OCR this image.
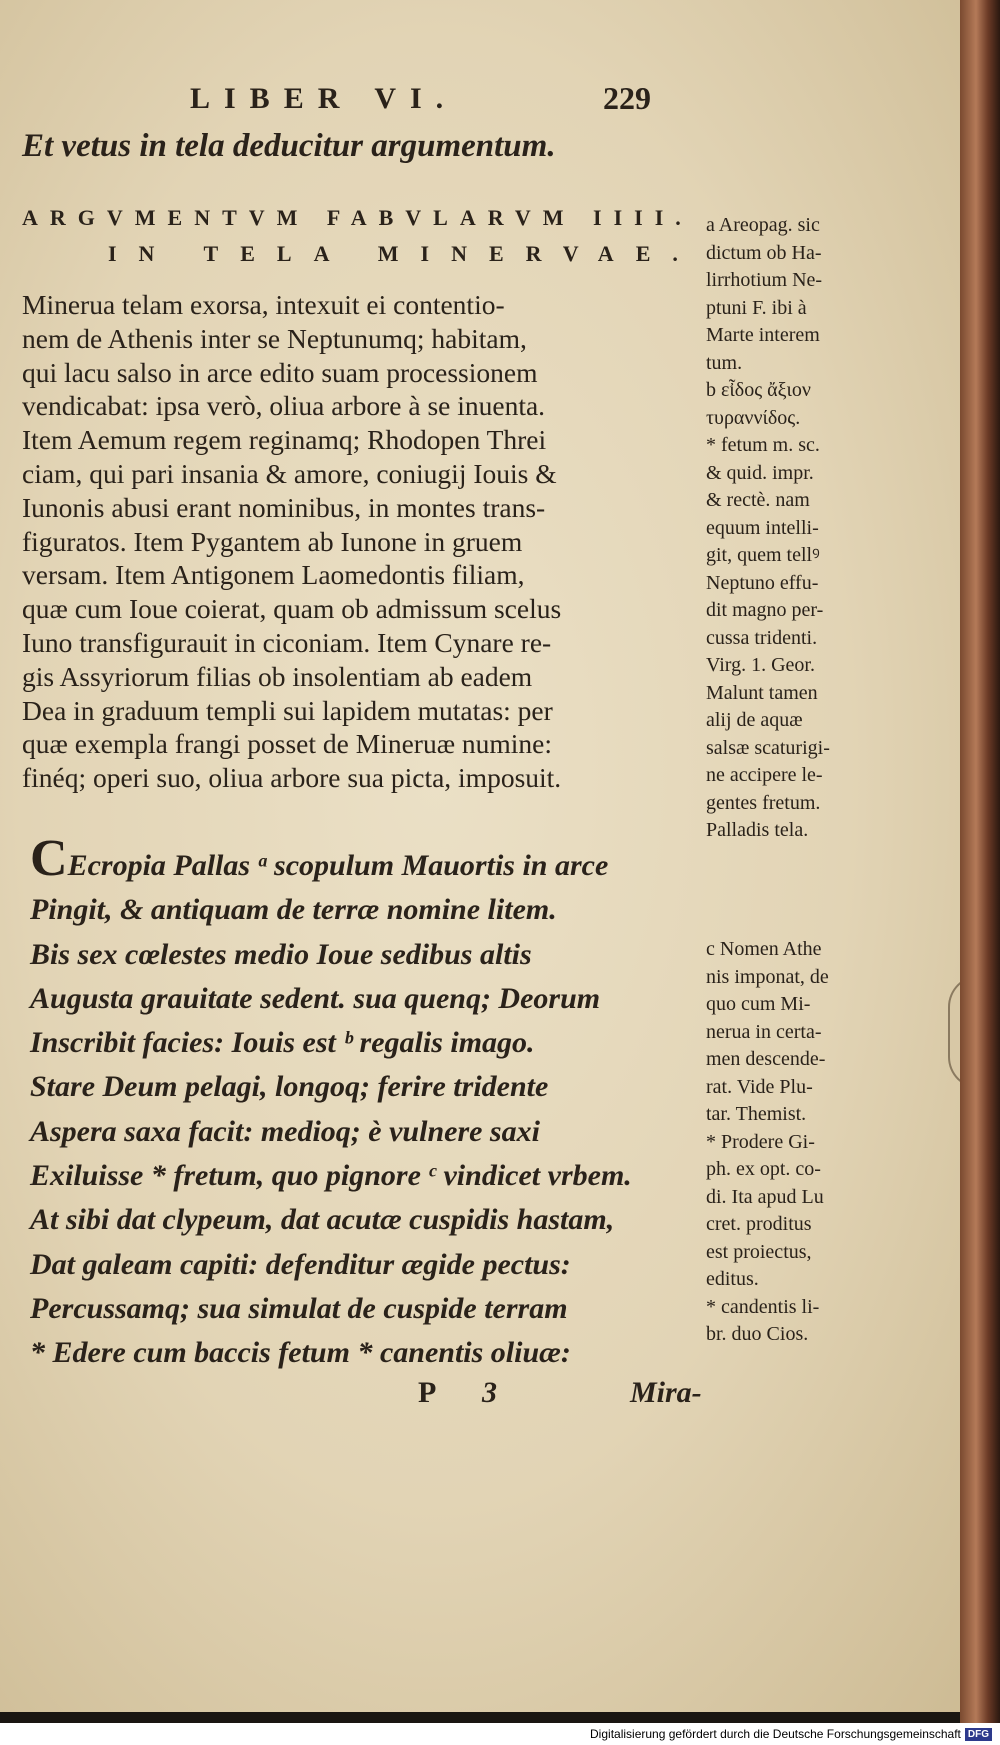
LIBER VI.	229
Et vetus in tela deducitur argumentum.
ARGVMENTVM FABVLARVM IIII.
IN TELA MINERVAE.
Minerua telam exorsa, intexuit ei contentio-
nem de Athenis inter se Neptunumq; habitam,
qui lacu salso in arce edito suam processionem
vendicabat: ipsa verò, oliua arbore à se inuenta.
Item Aemum regem reginamq; Rhodopen Threi
ciam, qui pari insania & amore, coniugij Iouis &
Iunonis abusi erant nominibus, in montes trans-
figuratos. Item Pygantem ab Iunone in gruem
versam. Item Antigonem Laomedontis filiam,
quæ cum Ioue coierat, quam ob admissum scelus
Iuno transfigurauit in ciconiam. Item Cynare re-
gis Assyriorum filias ob insolentiam ab eadem
Dea in graduum templi sui lapidem mutatas: per
quæ exempla frangi posset de Mineruæ numine:
finéq; operi suo, oliua arbore sua picta, imposuit.
CEcropia Pallas ᵃ scopulum Mauortis in arce
Pingit, & antiquam de terræ nomine litem.
Bis sex cœlestes medio Ioue sedibus altis
Augusta grauitate sedent. sua quenq; Deorum
Inscribit facies: Iouis est ᵇ regalis imago.
Stare Deum pelagi, longoq; ferire tridente
Aspera saxa facit: medioq; è vulnere saxi
Exiluisse * fretum, quo pignore ᶜ vindicet vrbem.
At sibi dat clypeum, dat acutæ cuspidis hastam,
Dat galeam capiti: defenditur ægide pectus:
Percussamq; sua simulat de cuspide terram
* Edere cum baccis fetum * canentis oliuæ:
a Areopag. sic
dictum ob Ha-
lirrhotium Ne-
ptuni F. ibi à
Marte interem
tum.
b εἶδος ἄξιον
τυραννίδος.
* fetum m. sc.
& quid. impr.
& rectè. nam
equum intelli-
git, quem tellꝰ
Neptuno effu-
dit magno per-
cussa tridenti.
Virg. 1. Geor.
Malunt tamen
alij de aquæ
salsæ scaturigi-
ne accipere le-
gentes fretum.
Palladis tela.
c Nomen Athe
nis imponat, de
quo cum Mi-
nerua in certa-
men descende-
rat. Vide Plu-
tar. Themist.
* Prodere Gi-
ph. ex opt. co-
di. Ita apud Lu
cret. proditus
est proiectus,
editus.
* candentis li-
br. duo Cios.
P 3	Mira-
Digitalisierung gefördert durch die Deutsche Forschungsgemeinschaft DFG
